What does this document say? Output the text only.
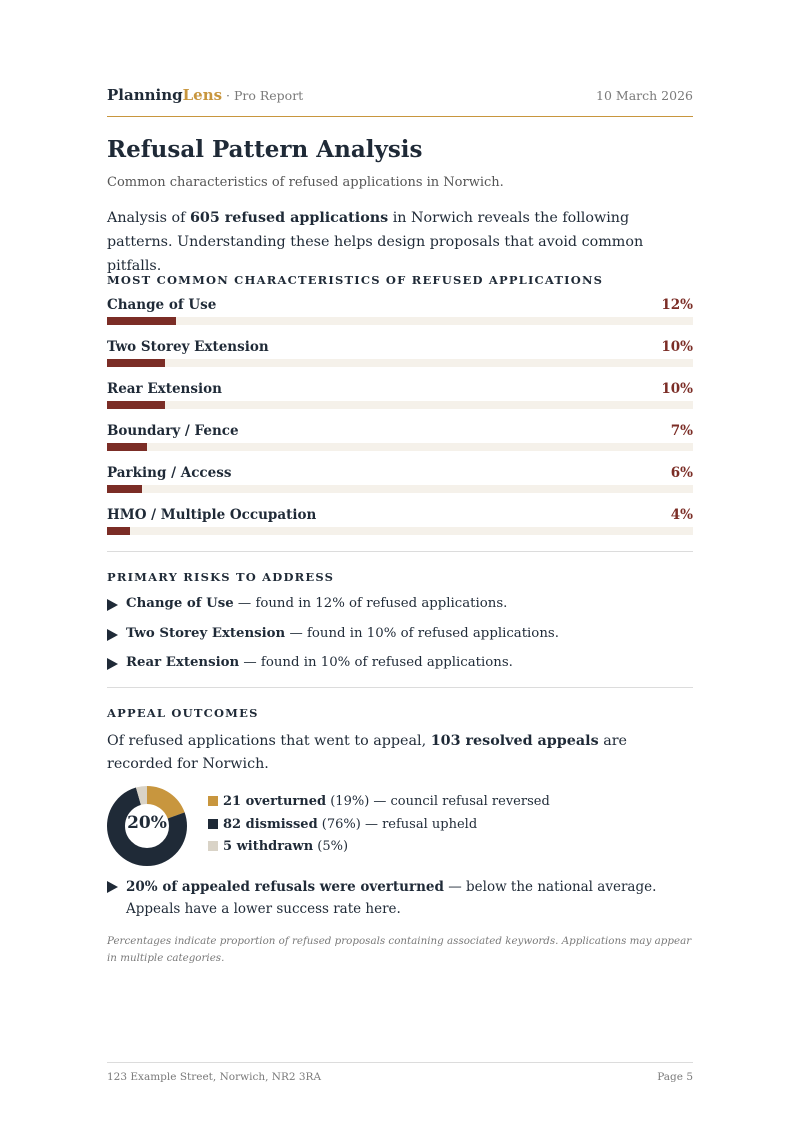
PlanningLens · Pro Report	10 March 2026
Refusal Pattern Analysis
Common characteristics of refused applications in Norwich.
Analysis of 605 refused applications in Norwich reveals the following patterns. Understanding these helps design proposals that avoid common pitfalls.
MOST COMMON CHARACTERISTICS OF REFUSED APPLICATIONS
Change of Use	12%
Two Storey Extension	10%
Rear Extension	10%
Boundary / Fence	7%
Parking / Access	6%
HMO / Multiple Occupation	4%
PRIMARY RISKS TO ADDRESS
Change of Use — found in 12% of refused applications.
Two Storey Extension — found in 10% of refused applications.
Rear Extension — found in 10% of refused applications.
APPEAL OUTCOMES
Of refused applications that went to appeal, 103 resolved appeals are recorded for Norwich.
20%
21 overturned (19%) — council refusal reversed
82 dismissed (76%) — refusal upheld
5 withdrawn (5%)
20% of appealed refusals were overturned — below the national average. Appeals have a lower success rate here.
Percentages indicate proportion of refused proposals containing associated keywords. Applications may appear in multiple categories.
123 Example Street, Norwich, NR2 3RA	Page 5
